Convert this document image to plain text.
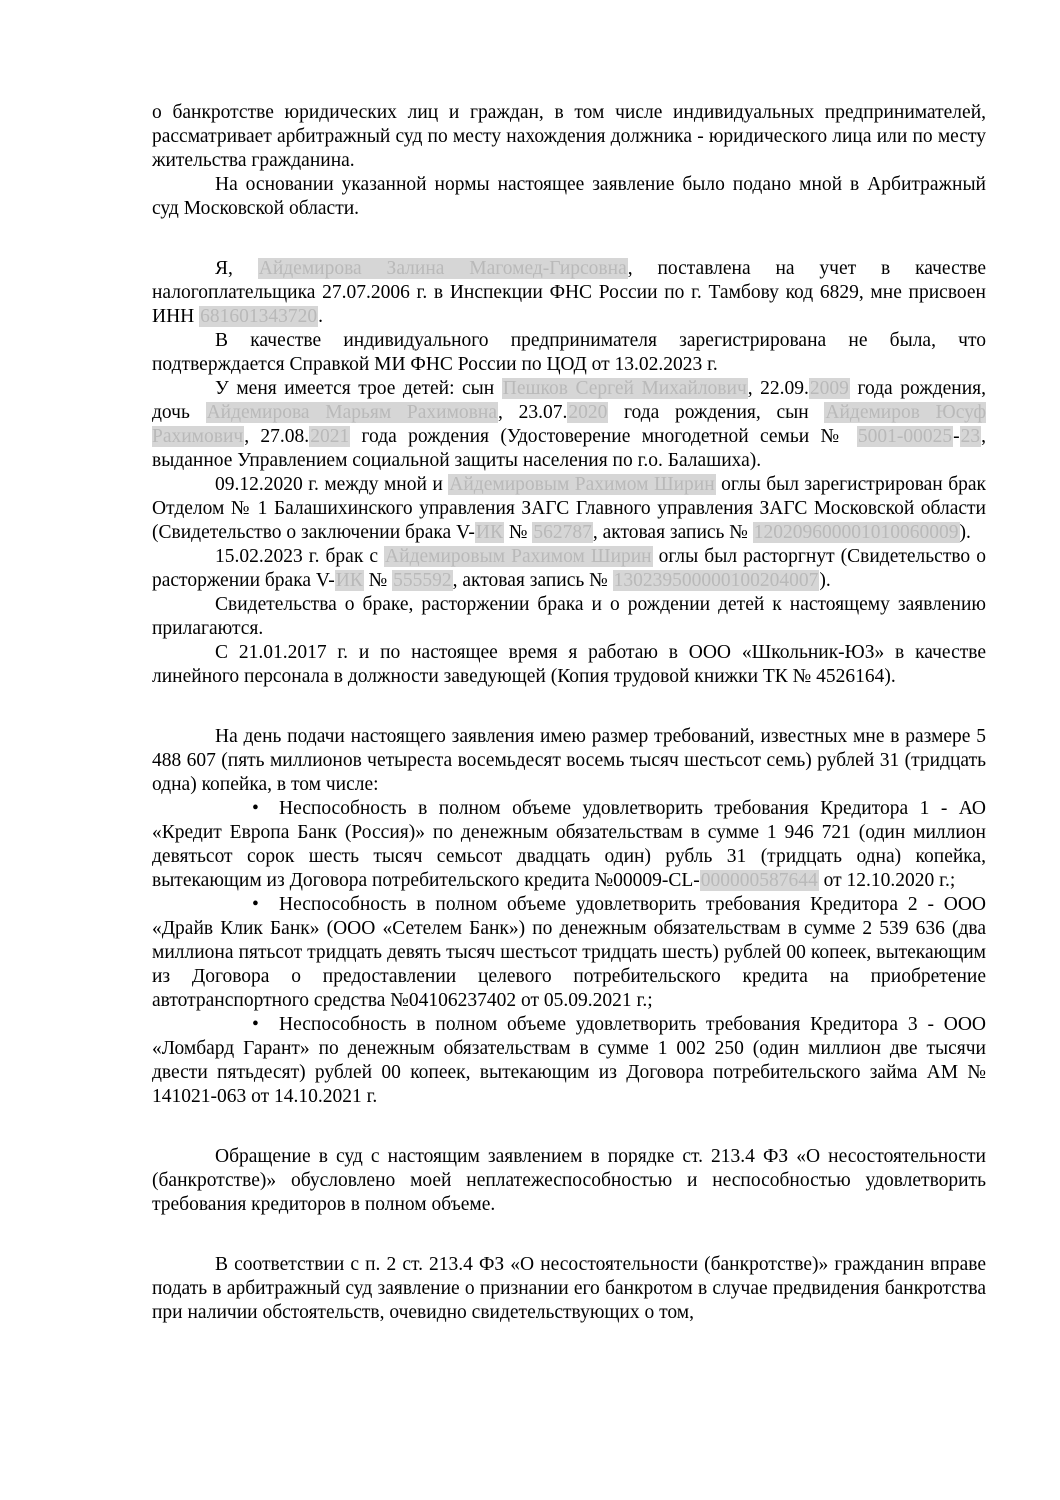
о банкротстве юридических лиц и граждан, в том числе индивидуальных предпринимателей, рассматривает арбитражный суд по месту нахождения должника - юридического лица или по месту жительства гражданина.

На основании указанной нормы настоящее заявление было подано мной в Арбитражный суд Московской области.

Я, Айдемирова Залина Магомед-Гирсовна, поставлена на учет в качестве налогоплательщика 27.07.2006 г. в Инспекции ФНС России по г. Тамбову код 6829, мне присвоен ИНН 681601343720.

В качестве индивидуального предпринимателя зарегистрирована не была, что подтверждается Справкой МИ ФНС России по ЦОД от 13.02.2023 г.

У меня имеется трое детей: сын Пешков Сергей Михайлович, 22.09.2009 года рождения, дочь Айдемирова Марьям Рахимовна, 23.07.2020 года рождения, сын Айдемиров Юсуф Рахимович, 27.08.2021 года рождения (Удостоверение многодетной семьи № 5001-00025-23, выданное Управлением социальной защиты населения по г.о. Балашиха).

09.12.2020 г. между мной и Айдемировым Рахимом Ширин оглы был зарегистрирован брак Отделом № 1 Балашихинского управления ЗАГС Главного управления ЗАГС Московской области (Свидетельство о заключении брака V-ИК № 562787, актовая запись № 120209600001010060009).

15.02.2023 г. брак с Айдемировым Рахимом Ширин оглы был расторгнут (Свидетельство о расторжении брака V-ИК № 555592, актовая запись № 130239500000100204007).

Свидетельства о браке, расторжении брака и о рождении детей к настоящему заявлению прилагаются.

С 21.01.2017 г. и по настоящее время я работаю в ООО «Школьник-ЮЗ» в качестве линейного персонала в должности заведующей (Копия трудовой книжки ТК № 4526164).

На день подачи настоящего заявления имею размер требований, известных мне в размере 5 488 607 (пять миллионов четыреста восемьдесят восемь тысяч шестьсот семь) рублей 31 (тридцать одна) копейка, в том числе:

• Неспособность в полном объеме удовлетворить требования Кредитора 1 - АО «Кредит Европа Банк (Россия)» по денежным обязательствам в сумме 1 946 721 (один миллион девятьсот сорок шесть тысяч семьсот двадцать один) рубль 31 (тридцать одна) копейка, вытекающим из Договора потребительского кредита №00009-CL-000000587644 от 12.10.2020 г.;

• Неспособность в полном объеме удовлетворить требования Кредитора 2 - ООО «Драйв Клик Банк» (ООО «Сетелем Банк») по денежным обязательствам в сумме 2 539 636 (два миллиона пятьсот тридцать девять тысяч шестьсот тридцать шесть) рублей 00 копеек, вытекающим из Договора о предоставлении целевого потребительского кредита на приобретение автотранспортного средства №04106237402 от 05.09.2021 г.;

• Неспособность в полном объеме удовлетворить требования Кредитора 3 - ООО «Ломбард Гарант» по денежным обязательствам в сумме 1 002 250 (один миллион две тысячи двести пятьдесят) рублей 00 копеек, вытекающим из Договора потребительского займа АМ № 141021-063 от 14.10.2021 г.

Обращение в суд с настоящим заявлением в порядке ст. 213.4 ФЗ «О несостоятельности (банкротстве)» обусловлено моей неплатежеспособностью и неспособностью удовлетворить требования кредиторов в полном объеме.

В соответствии с п. 2 ст. 213.4 ФЗ «О несостоятельности (банкротстве)» гражданин вправе подать в арбитражный суд заявление о признании его банкротом в случае предвидения банкротства при наличии обстоятельств, очевидно свидетельствующих о том,
